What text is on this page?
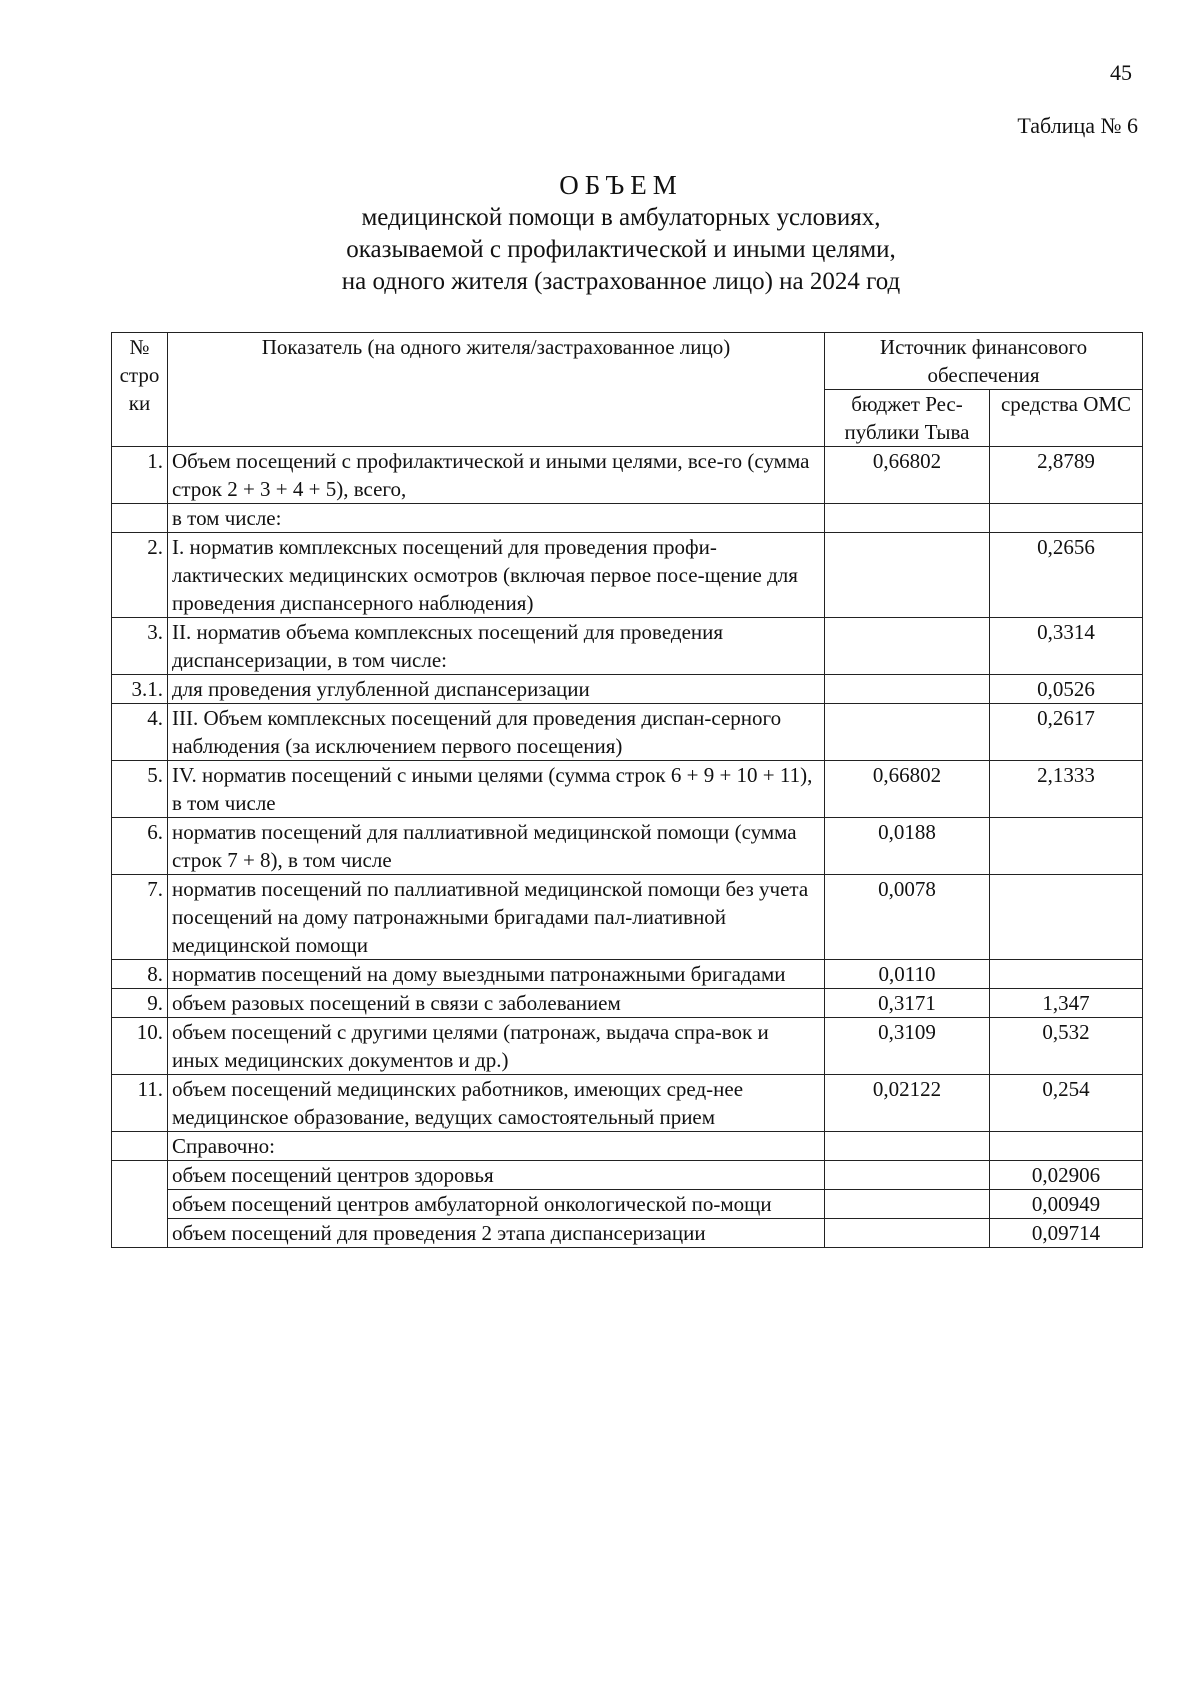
45
Таблица № 6
ОБЪЕМ
медицинской помощи в амбулаторных условиях,
оказываемой с профилактической и иными целями,
на одного жителя (застрахованное лицо) на 2024 год
№ стро ки	Показатель (на одного жителя/застрахованное лицо)	Источник финансового обеспечения	
		бюджет Рес-публики Тыва	средства ОМС
1.	Объем посещений с профилактической и иными целями, все-го (сумма строк 2 + 3 + 4 + 5), всего,	0,66802	2,8789
	в том числе:		
2.	I. норматив комплексных посещений для проведения профи-лактических медицинских осмотров (включая первое посе-щение для проведения диспансерного наблюдения)		0,2656
3.	II. норматив объема комплексных посещений для проведения диспансеризации, в том числе:		0,3314
3.1.	для проведения углубленной диспансеризации		0,0526
4.	III. Объем комплексных посещений для проведения диспан-серного наблюдения (за исключением первого посещения)		0,2617
5.	IV. норматив посещений с иными целями (сумма строк 6 + 9 + 10 + 11), в том числе	0,66802	2,1333
6.	норматив посещений для паллиативной медицинской помощи (сумма строк 7 + 8), в том числе	0,0188	
7.	норматив посещений по паллиативной медицинской помощи без учета посещений на дому патронажными бригадами пал-лиативной медицинской помощи	0,0078	
8.	норматив посещений на дому выездными патронажными бригадами	0,0110	
9.	объем разовых посещений в связи с заболеванием	0,3171	1,347
10.	объем посещений с другими целями (патронаж, выдача спра-вок и иных медицинских документов и др.)	0,3109	0,532
11.	объем посещений медицинских работников, имеющих сред-нее медицинское образование, ведущих самостоятельный прием	0,02122	0,254
	Справочно:		
	объем посещений центров здоровья		0,02906
	объем посещений центров амбулаторной онкологической по-мощи		0,00949
	объем посещений для проведения 2 этапа диспансеризации		0,09714
